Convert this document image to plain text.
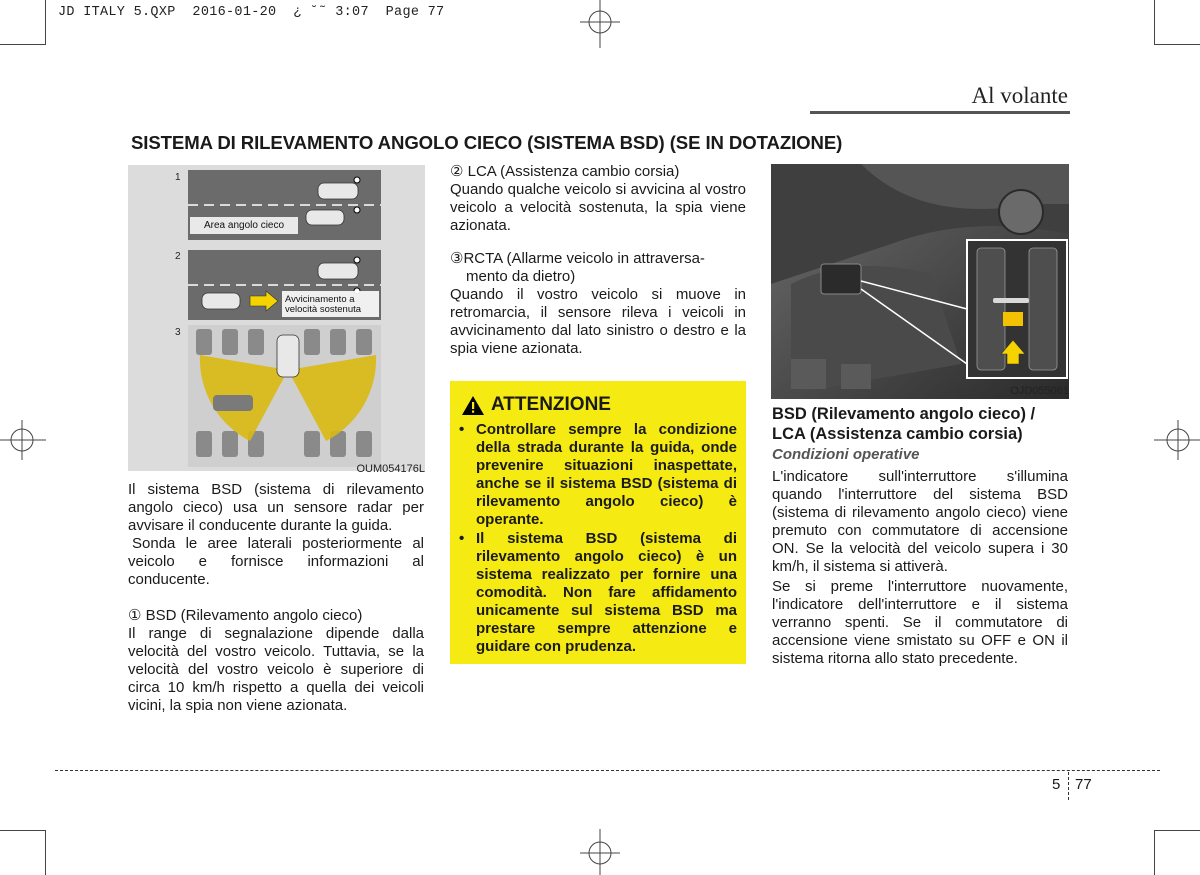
JD ITALY 5.QXP  2016-01-20  ¿ ˘˜ 3:07  Page 77
Al volante
SISTEMA DI RILEVAMENTO ANGOLO CIECO (SISTEMA BSD) (SE IN DOTAZIONE)
1
Area angolo cieco
2
Avvicinamento a
velocità sostenuta
3
OUM054176L

Il sistema BSD (sistema di rilevamento angolo cieco) usa un sensore radar per avvisare il conducente durante la guida.

Sonda le aree laterali posteriormente al veicolo e fornisce informazioni al conducente.

① BSD (Rilevamento angolo cieco)

Il range di segnalazione dipende dalla velocità del vostro veicolo. Tuttavia, se la velocità del vostro veicolo è superiore di circa 10 km/h rispetto a quella dei veicoli vicini, la spia non viene azionata.

② LCA (Assistenza cambio corsia)

Quando qualche veicolo si avvicina al vostro veicolo a velocità sostenuta, la spia viene azionata.

③RCTA (Allarme veicolo in attraversa-

mento da dietro)

Quando il vostro veicolo si muove in retromarcia, il sensore rileva i veicoli in avvicinamento dal lato sinistro o destro e la spia viene azionata.

ATTENZIONE
• Controllare sempre la condizione della strada durante la guida, onde prevenire situazioni inaspettate, anche se il sistema BSD (sistema di rilevamento angolo cieco) è operante.
• Il sistema BSD (sistema di rilevamento angolo cieco) è un sistema realizzato per fornire una comodità. Non fare affidamento unicamente sul sistema BSD ma prestare sempre attenzione e guidare con prudenza.
OJD055061
BSD (Rilevamento angolo cieco) / LCA (Assistenza cambio corsia)
Condizioni operative

L'indicatore sull'interruttore s'illumina quando l'interruttore del sistema BSD (sistema di rilevamento angolo cieco) viene premuto con commutatore di accensione ON. Se la velocità del veicolo supera i 30 km/h, il sistema si attiverà.

Se si preme l'interruttore nuovamente, l'indicatore dell'interruttore e il sistema verranno spenti. Se il commutatore di accensione viene smistato su OFF e ON il sistema ritorna allo stato precedente.

5 77
